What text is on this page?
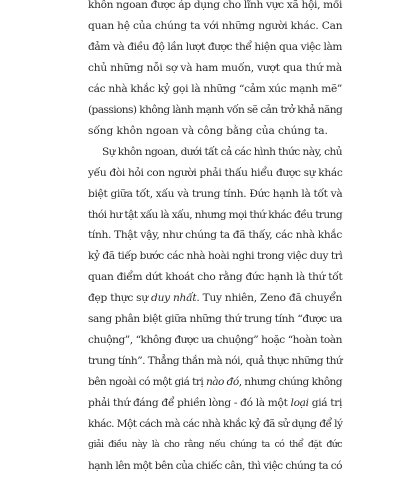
khôn ngoan được áp dụng cho lĩnh vực xã hội, mối
quan hệ của chúng ta với những người khác. Can
đảm và điều độ lần lượt được thể hiện qua việc làm
chủ những nỗi sợ và ham muốn, vượt qua thứ mà
các nhà khắc kỷ gọi là những “cảm xúc mạnh mẽ”
(passions) không lành mạnh vốn sẽ cản trở khả năng
sống khôn ngoan và công bằng của chúng ta.
Sự khôn ngoan, dưới tất cả các hình thức này, chủ
yếu đòi hỏi con người phải thấu hiểu được sự khác
biệt giữa tốt, xấu và trung tính. Đức hạnh là tốt và
thói hư tật xấu là xấu, nhưng mọi thứ khác đều trung
tính. Thật vậy, như chúng ta đã thấy, các nhà khắc
kỷ đã tiếp bước các nhà hoài nghi trong việc duy trì
quan điểm dứt khoát cho rằng đức hạnh là thứ tốt
đẹp thực sự duy nhất. Tuy nhiên, Zeno đã chuyển
sang phân biệt giữa những thứ trung tính “được ưa
chuộng”, “không được ưa chuộng” hoặc “hoàn toàn
trung tính”. Thẳng thắn mà nói, quả thực những thứ
bên ngoài có một giá trị nào đó, nhưng chúng không
phải thứ đáng để phiền lòng - đó là một loại giá trị
khác. Một cách mà các nhà khắc kỷ đã sử dụng để lý
giải điều này là cho rằng nếu chúng ta có thể đặt đức
hạnh lên một bên của chiếc cân, thì việc chúng ta có
